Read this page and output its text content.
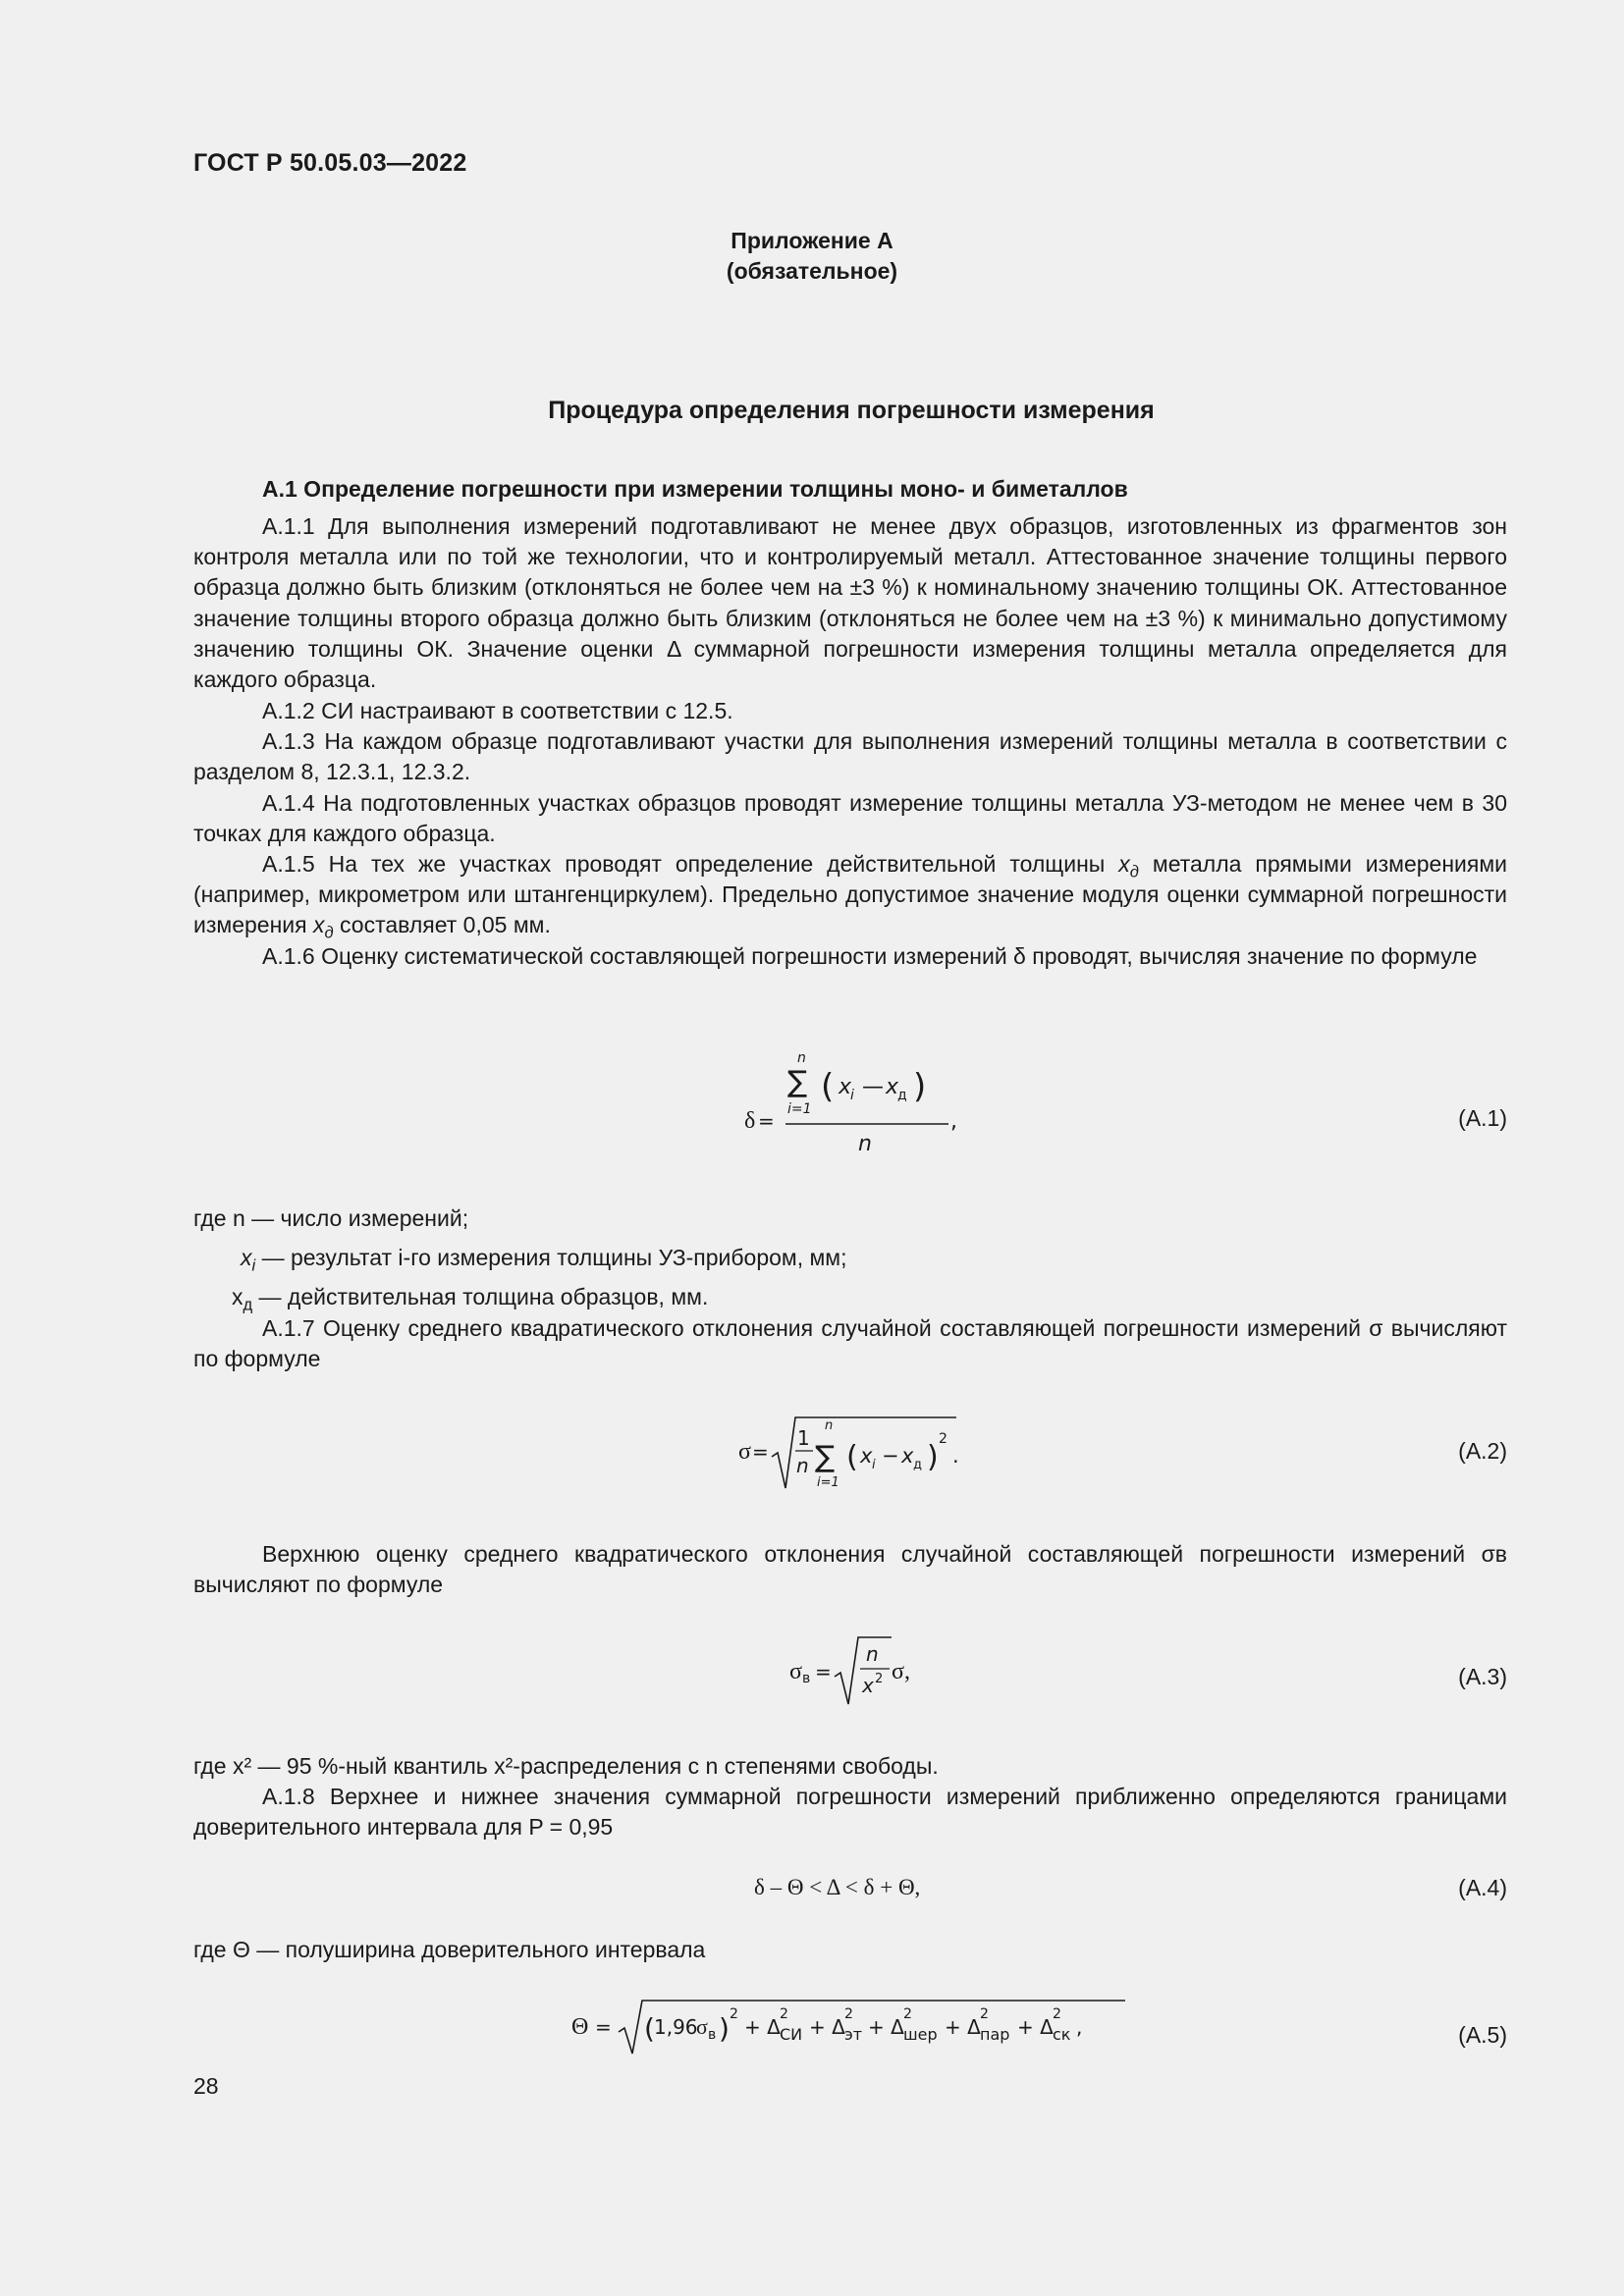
ГОСТ Р 50.05.03—2022
Приложение А
(обязательное)
Процедура определения погрешности измерения
А.1 Определение погрешности при измерении толщины моно- и биметаллов
А.1.1 Для выполнения измерений подготавливают не менее двух образцов, изготовленных из фрагментов зон контроля металла или по той же технологии, что и контролируемый металл. Аттестованное значение толщины первого образца должно быть близким (отклоняться не более чем на ±3 %) к номинальному значению толщины ОК. Аттестованное значение толщины второго образца должно быть близким (отклоняться не более чем на ±3 %) к минимально допустимому значению толщины ОК. Значение оценки Δ суммарной погрешности измерения толщины металла определяется для каждого образца.
А.1.2 СИ настраивают в соответствии с 12.5.
А.1.3 На каждом образце подготавливают участки для выполнения измерений толщины металла в соответствии с разделом 8, 12.3.1, 12.3.2.
А.1.4 На подготовленных участках образцов проводят измерение толщины металла УЗ-методом не менее чем в 30 точках для каждого образца.
А.1.5 На тех же участках проводят определение действительной толщины $x_д$ металла прямыми измерениями (например, микрометром или штангенциркулем). Предельно допустимое значение модуля оценки суммарной погрешности измерения $x_д$ составляет 0,05 мм.
А.1.6 Оценку систематической составляющей погрешности измерений δ проводят, вычисляя значение по формуле
δ =
n
∑
i=1
( x
i — x
д )
n
,	(А.1)
где n — число измерений;
$x_i$ — результат i-го измерения толщины УЗ-прибором, мм;
$x_д$ — действительная толщина образцов, мм.
А.1.7 Оценку среднего квадратического отклонения случайной составляющей погрешности измерений σ вычисляют по формуле
σ =
1
n
n
∑
i=1
( x i − x д )
2
.	(А.2)
Верхнюю оценку среднего квадратического отклонения случайной составляющей погрешности измерений σв вычисляют по формуле
σ в =
n
x 2 σ,	(А.3)
где x² — 95 %-ный квантиль x²-распределения с n степенями свободы.
А.1.8 Верхнее и нижнее значения суммарной погрешности измерений приближенно определяются границами доверительного интервала для P = 0,95
δ – Θ < Δ < δ + Θ,	(А.4)
где Θ — полуширина доверительного интервала
Θ = ( 1,96
σ в ) 2
+ Δ
2
СИ + Δ
2
эт + Δ
2
шер + Δ
2
пар + Δ
2
ск ,	(А.5)
28
